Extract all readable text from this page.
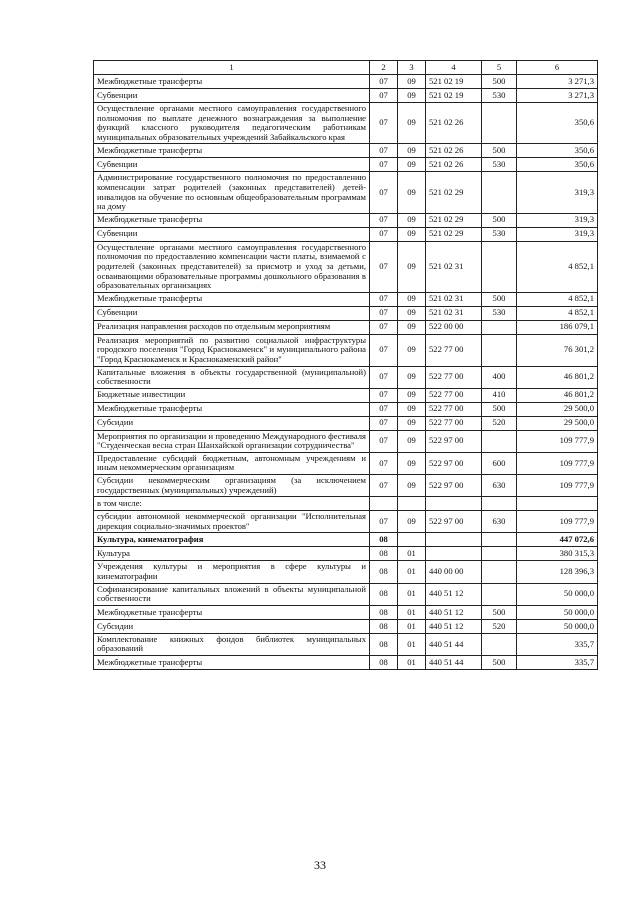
1	2	3	4	5	6
Межбюджетные трансферты	07	09	521 02 19	500	3 271,3
Субвенции	07	09	521 02 19	530	3 271,3
Осуществление органами местного самоуправления государственного полномочия по выплате денежного вознаграждения за выполнение функций классного руководителя педагогическим работникам муниципальных образовательных учреждений Забайкальского края	07	09	521 02 26		350,6
Межбюджетные трансферты	07	09	521 02 26	500	350,6
Субвенции	07	09	521 02 26	530	350,6
Администрирование государственного полномочия по предоставлению компенсации затрат родителей (законных представителей) детей-инвалидов на обучение по основным общеобразовательным программам на дому	07	09	521 02 29		319,3
Межбюджетные трансферты	07	09	521 02 29	500	319,3
Субвенции	07	09	521 02 29	530	319,3
Осуществление органами местного самоуправления государственного полномочия по предоставлению компенсации части платы, взимаемой с родителей (законных представителей) за присмотр и уход за детьми, осваивающими образовательные программы дошкольного образования в образовательных организациях	07	09	521 02 31		4 852,1
Межбюджетные трансферты	07	09	521 02 31	500	4 852,1
Субвенции	07	09	521 02 31	530	4 852,1
Реализация направления расходов по отдельным мероприятиям	07	09	522 00 00		186 079,1
Реализация мероприятий по развитию социальной инфраструктуры городского поселения "Город Краснокаменск" и муниципального района "Город Краснокаменск и Краснокаменский район"	07	09	522 77 00		76 301,2
Капитальные вложения в объекты государственной (муниципальной) собственности	07	09	522 77 00	400	46 801,2
Бюджетные инвестиции	07	09	522 77 00	410	46 801,2
Межбюджетные трансферты	07	09	522 77 00	500	29 500,0
Субсидии	07	09	522 77 00	520	29 500,0
Мероприятия по организации и проведению Международного фестиваля "Студенческая весна стран Шанхайской организации сотрудничества"	07	09	522 97 00		109 777,9
Предоставление субсидий бюджетным, автономным учреждениям и иным некоммерческим организациям	07	09	522 97 00	600	109 777,9
Субсидии некоммерческим организациям (за исключением государственных (муниципальных) учреждений)	07	09	522 97 00	630	109 777,9
в том числе:					
субсидии автономной некоммерческой организации "Исполнительная дирекция социально-значимых проектов"	07	09	522 97 00	630	109 777,9
Культура, кинематография	08				447 072,6
Культура	08	01			380 315,3
Учреждения культуры и мероприятия в сфере культуры и кинематографии	08	01	440 00 00		128 396,3
Софинансирование капитальных вложений в объекты муниципальной собственности	08	01	440 51 12		50 000,0
Межбюджетные трансферты	08	01	440 51 12	500	50 000,0
Субсидии	08	01	440 51 12	520	50 000,0
Комплектование книжных фондов библиотек муниципальных образований	08	01	440 51 44		335,7
Межбюджетные трансферты	08	01	440 51 44	500	335,7
33
